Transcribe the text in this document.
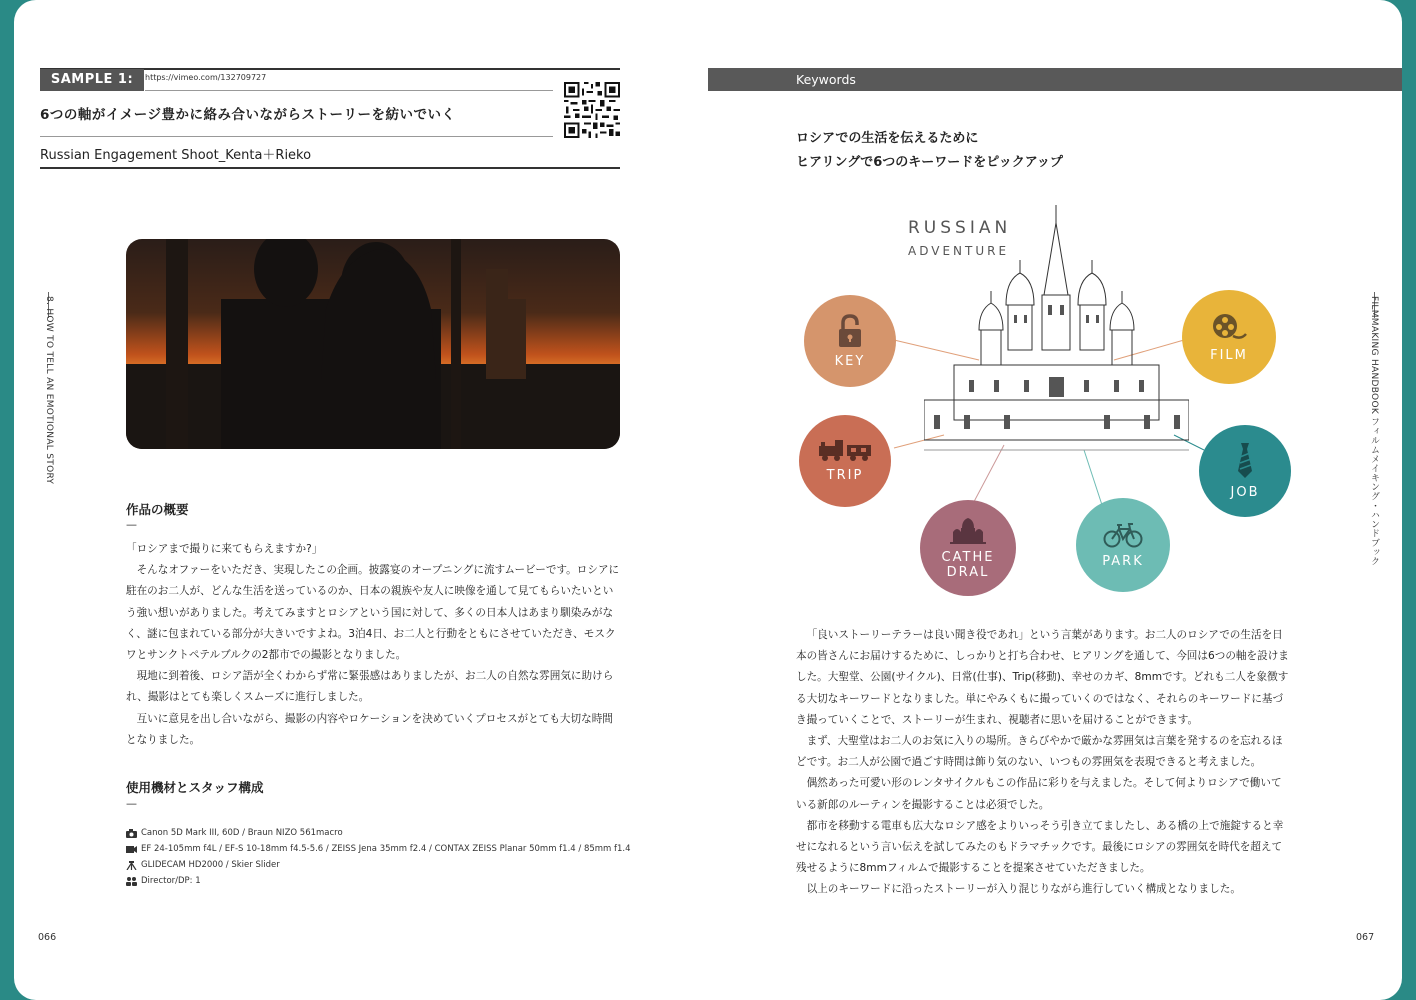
SAMPLE 1:	https://vimeo.com/132709727
6つの軸がイメージ豊かに絡み合いながらストーリーを紡いでいく
Russian Engagement Shoot_Kenta＋Rieko
8. HOW TO TELL AN EMOTIONAL STORY
作品の概要
—

「ロシアまで撮りに来てもらえますか?」

そんなオファーをいただき、実現したこの企画。披露宴のオープニングに流すムービーです。ロシアに駐在のお二人が、どんな生活を送っているのか、日本の親族や友人に映像を通して見てもらいたいという強い想いがありました。考えてみますとロシアという国に対して、多くの日本人はあまり馴染みがなく、謎に包まれている部分が大きいですよね。3泊4日、お二人と行動をともにさせていただき、モスクワとサンクトペテルブルクの2都市での撮影となりました。

現地に到着後、ロシア語が全くわからず常に緊張感はありましたが、お二人の自然な雰囲気に助けられ、撮影はとても楽しくスムーズに進行しました。

互いに意見を出し合いながら、撮影の内容やロケーションを決めていくプロセスがとても大切な時間となりました。

使用機材とスタッフ構成
—
Canon 5D Mark III, 60D / Braun NIZO 561macro
EF 24-105mm f4L / EF-S 10-18mm f4.5-5.6 / ZEISS Jena 35mm f2.4 / CONTAX ZEISS Planar 50mm f1.4 / 85mm f1.4
GLIDECAM HD2000 / Skier Slider
Director/DP: 1
066
Keywords
ロシアでの生活を伝えるために
ヒアリングで6つのキーワードをピックアップ
RUSSIAN
ADVENTURE
KEY	FILM
TRIP
JOB
CATHE
DRAL
PARK

「良いストーリーテラーは良い聞き役であれ」という言葉があります。お二人のロシアでの生活を日本の皆さんにお届けするために、しっかりと打ち合わせ、ヒアリングを通して、今回は6つの軸を設けました。大聖堂、公園(サイクル)、日常(仕事)、Trip(移動)、幸せのカギ、8mmです。どれも二人を象徴する大切なキーワードとなりました。単にやみくもに撮っていくのではなく、それらのキーワードに基づき撮っていくことで、ストーリーが生まれ、視聴者に思いを届けることができます。

まず、大聖堂はお二人のお気に入りの場所。きらびやかで厳かな雰囲気は言葉を発するのを忘れるほどです。お二人が公園で過ごす時間は飾り気のない、いつもの雰囲気を表現できると考えました。

偶然あった可愛い形のレンタサイクルもこの作品に彩りを与えました。そして何よりロシアで働いている新郎のルーティンを撮影することは必須でした。

都市を移動する電車も広大なロシア感をよりいっそう引き立てましたし、ある橋の上で施錠すると幸せになれるという言い伝えを試してみたのもドラマチックです。最後にロシアの雰囲気を時代を超えて残せるように8mmフィルムで撮影することを提案させていただきました。

以上のキーワードに沿ったストーリーが入り混じりながら進行していく構成となりました。

FILMMAKING HANDBOOK フィルムメイキング・ハンドブック
067
